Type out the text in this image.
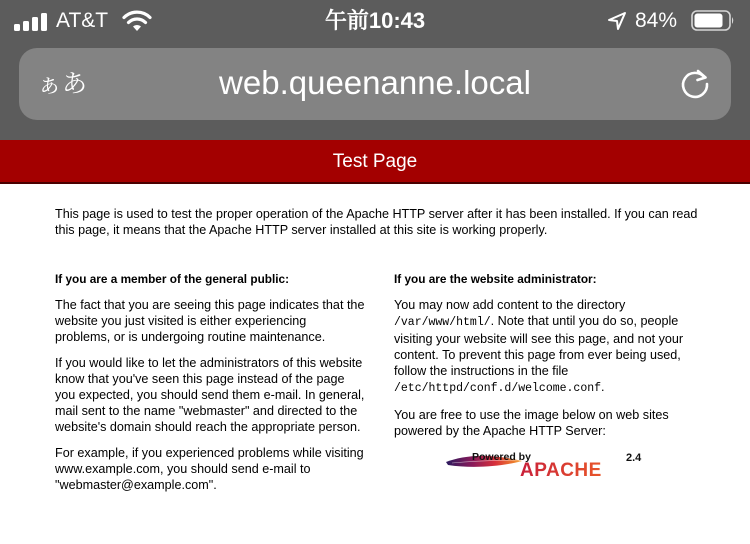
AT&T	午前10:43	84%
ぁあ	web.queenanne.local
Test Page
This page is used to test the proper operation of the Apache HTTP server after it has been installed. If you can read this page, it means that the Apache HTTP server installed at this site is working properly.
If you are a member of the general public:

The fact that you are seeing this page indicates that the website you just visited is either experiencing problems, or is undergoing routine maintenance.

If you would like to let the administrators of this website know that you've seen this page instead of the page you expected, you should send them e-mail. In general, mail sent to the name "webmaster" and directed to the website's domain should reach the appropriate person.

For example, if you experienced problems while visiting www.example.com, you should send e-mail to "webmaster@example.com".

If you are the website administrator:

You may now add content to the directory /var/www/html/. Note that until you do so, people visiting your website will see this page, and not your content. To prevent this page from ever being used, follow the instructions in the file /etc/httpd/conf.d/welcome.conf.

You are free to use the image below on web sites powered by the Apache HTTP Server:

Powered by	2.4
APACHE
